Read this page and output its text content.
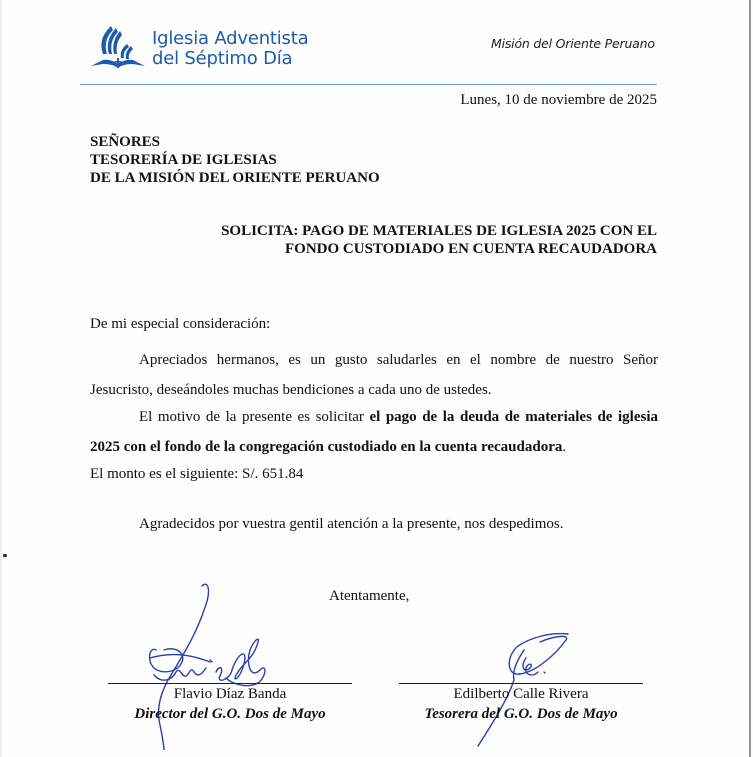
Iglesia Adventista
del Séptimo Día
Misión del Oriente Peruano
Lunes, 10 de noviembre de 2025
SEÑORES
TESORERÍA DE IGLESIAS
DE LA MISIÓN DEL ORIENTE PERUANO
SOLICITA: PAGO DE MATERIALES DE IGLESIA 2025 CON EL
FONDO CUSTODIADO EN CUENTA RECAUDADORA
De mi especial consideración:
Apreciados hermanos, es un gusto saludarles en el nombre de nuestro Señor Jesucristo, deseándoles muchas bendiciones a cada uno de ustedes.
El motivo de la presente es solicitar el pago de la deuda de materiales de iglesia 2025 con el fondo de la congregación custodiado en la cuenta recaudadora.
El monto es el siguiente: S/. 651.84
Agradecidos por vuestra gentil atención a la presente, nos despedimos.
Atentamente,
Flavio Díaz Banda
Director del G.O. Dos de Mayo
Edilberto Calle Rivera
Tesorera del G.O. Dos de Mayo
